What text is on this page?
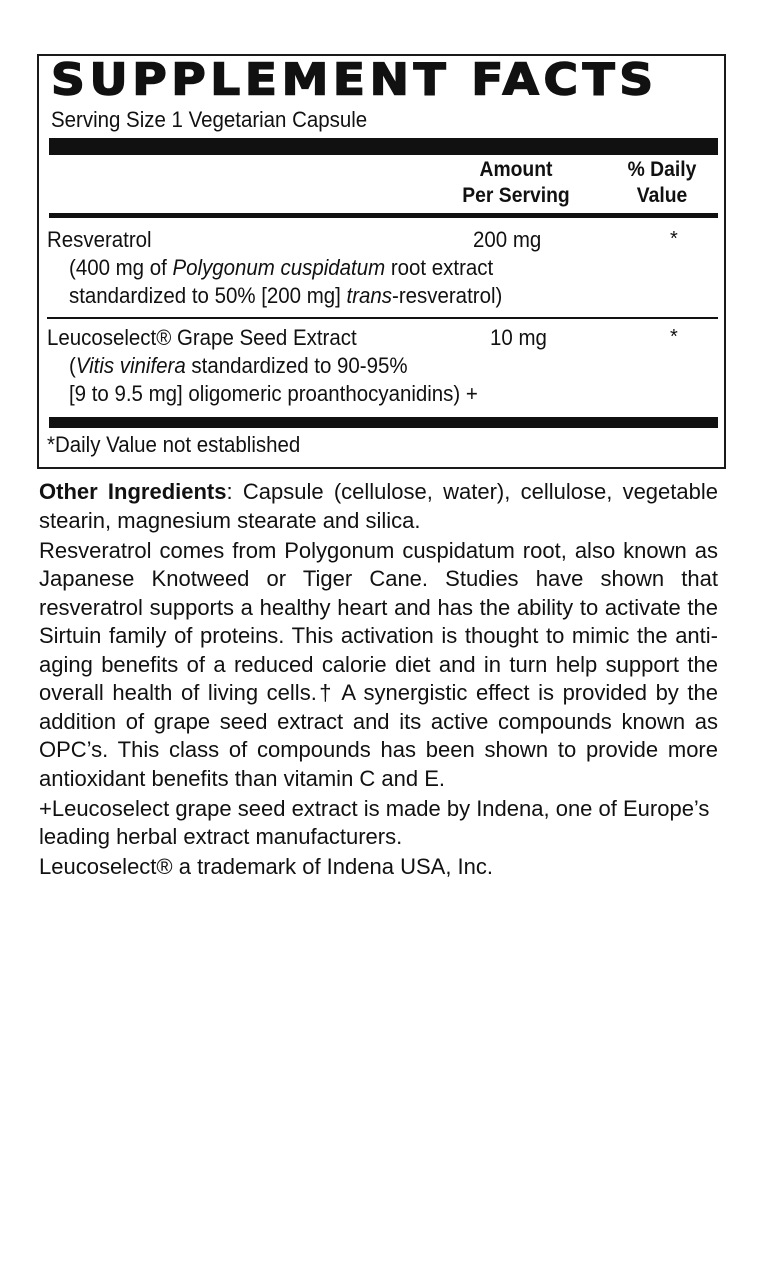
SUPPLEMENT FACTS
Serving Size 1 Vegetarian Capsule
Amount
Per Serving
% Daily
Value
Resveratrol	200 mg	*
(400 mg of Polygonum cuspidatum root extract
standardized to 50% [200 mg] trans-resveratrol)
Leucoselect® Grape Seed Extract	10 mg	*
(Vitis vinifera standardized to 90-95%
[9 to 9.5 mg] oligomeric proanthocyanidins) +
*Daily Value not established

Other Ingredients: Capsule (cellulose, water), cellulose, vegetable stearin, magnesium stearate and silica.

Resveratrol comes from Polygonum cuspidatum root, also known as Japanese Knotweed or Tiger Cane. Studies have shown that resveratrol supports a healthy heart and has the ability to activate the Sirtuin family of proteins. This activation is thought to mimic the anti-aging benefits of a reduced calorie diet and in turn help support the overall health of living cells.† A synergistic effect is provided by the addition of grape seed extract and its active compounds known as OPC’s. This class of compounds has been shown to provide more antioxidant benefits than vitamin C and E.

+Leucoselect grape seed extract is made by Indena, one of Europe’s leading herbal extract manufacturers.

Leucoselect® a trademark of Indena USA, Inc.
